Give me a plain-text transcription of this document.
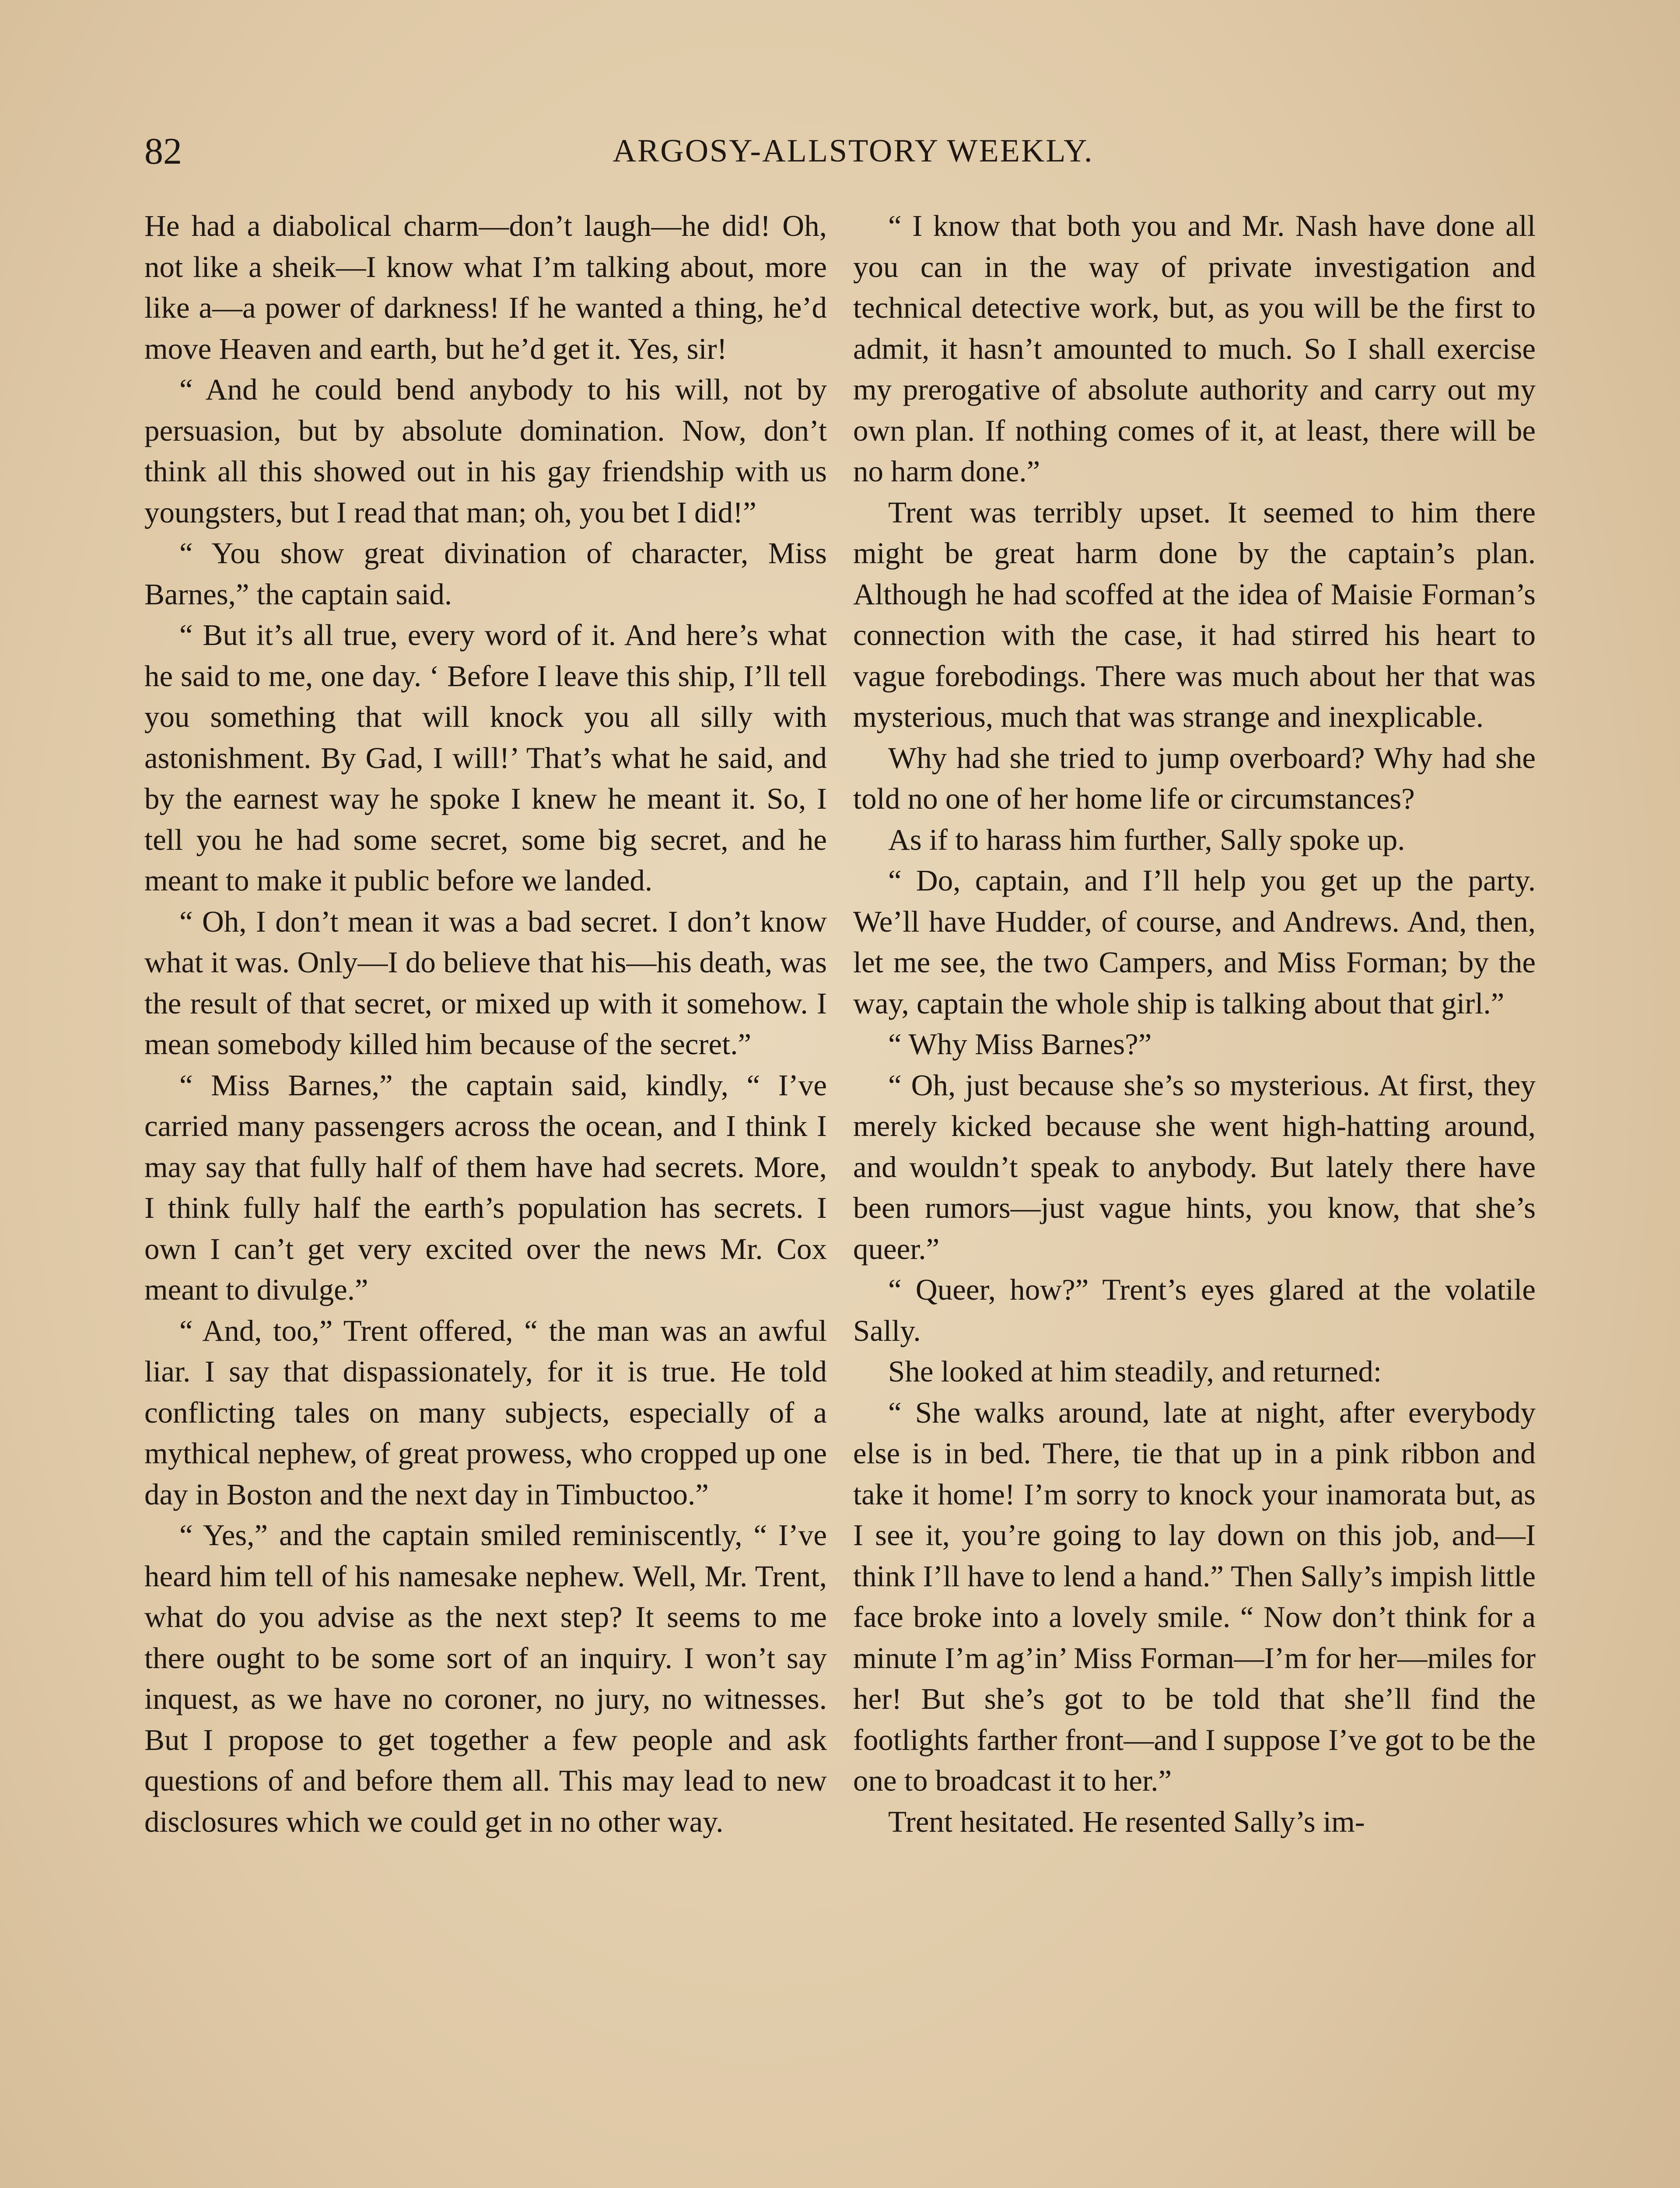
82	ARGOSY-ALLSTORY WEEKLY.

He had a diabolical charm—don’t laugh—he did! Oh, not like a sheik—I know what I’m talking about, more like a—a power of darkness! If he wanted a thing, he’d move Heaven and earth, but he’d get it. Yes, sir!

“ And he could bend anybody to his will, not by persuasion, but by absolute domination. Now, don’t think all this showed out in his gay friendship with us youngsters, but I read that man; oh, you bet I did!”

“ You show great divination of character, Miss Barnes,” the captain said.

“ But it’s all true, every word of it. And here’s what he said to me, one day. ‘ Before I leave this ship, I’ll tell you something that will knock you all silly with astonishment. By Gad, I will!’ That’s what he said, and by the earnest way he spoke I knew he meant it. So, I tell you he had some secret, some big secret, and he meant to make it public before we landed.

“ Oh, I don’t mean it was a bad secret. I don’t know what it was. Only—I do believe that his—his death, was the result of that secret, or mixed up with it somehow. I mean somebody killed him because of the secret.”

“ Miss Barnes,” the captain said, kindly, “ I’ve carried many passengers across the ocean, and I think I may say that fully half of them have had secrets. More, I think fully half the earth’s population has secrets. I own I can’t get very excited over the news Mr. Cox meant to divulge.”

“ And, too,” Trent offered, “ the man was an awful liar. I say that dispassionately, for it is true. He told conflicting tales on many subjects, especially of a mythical nephew, of great prowess, who cropped up one day in Boston and the next day in Timbuctoo.”

“ Yes,” and the captain smiled reminiscently, “ I’ve heard him tell of his namesake nephew. Well, Mr. Trent, what do you advise as the next step? It seems to me there ought to be some sort of an inquiry. I won’t say inquest, as we have no coroner, no jury, no witnesses. But I propose to get together a few people and ask questions of and before them all. This may lead to new disclosures which we could get in no other way.

“ I know that both you and Mr. Nash have done all you can in the way of private investigation and technical detective work, but, as you will be the first to admit, it hasn’t amounted to much. So I shall exercise my prerogative of absolute authority and carry out my own plan. If nothing comes of it, at least, there will be no harm done.”

Trent was terribly upset. It seemed to him there might be great harm done by the captain’s plan. Although he had scoffed at the idea of Maisie Forman’s connection with the case, it had stirred his heart to vague forebodings. There was much about her that was mysterious, much that was strange and inexplicable.

Why had she tried to jump overboard? Why had she told no one of her home life or circumstances?

As if to harass him further, Sally spoke up.

“ Do, captain, and I’ll help you get up the party. We’ll have Hudder, of course, and Andrews. And, then, let me see, the two Campers, and Miss Forman; by the way, captain the whole ship is talking about that girl.”

“ Why Miss Barnes?”

“ Oh, just because she’s so mysterious. At first, they merely kicked because she went high-hatting around, and wouldn’t speak to anybody. But lately there have been rumors—just vague hints, you know, that she’s queer.”

“ Queer, how?” Trent’s eyes glared at the volatile Sally.

She looked at him steadily, and returned:

“ She walks around, late at night, after everybody else is in bed. There, tie that up in a pink ribbon and take it home! I’m sorry to knock your inamorata but, as I see it, you’re going to lay down on this job, and—I think I’ll have to lend a hand.” Then Sally’s impish little face broke into a lovely smile. “ Now don’t think for a minute I’m ag’in’ Miss Forman—I’m for her—miles for her! But she’s got to be told that she’ll find the footlights farther front—and I suppose I’ve got to be the one to broadcast it to her.”

Trent hesitated. He resented Sally’s im-
